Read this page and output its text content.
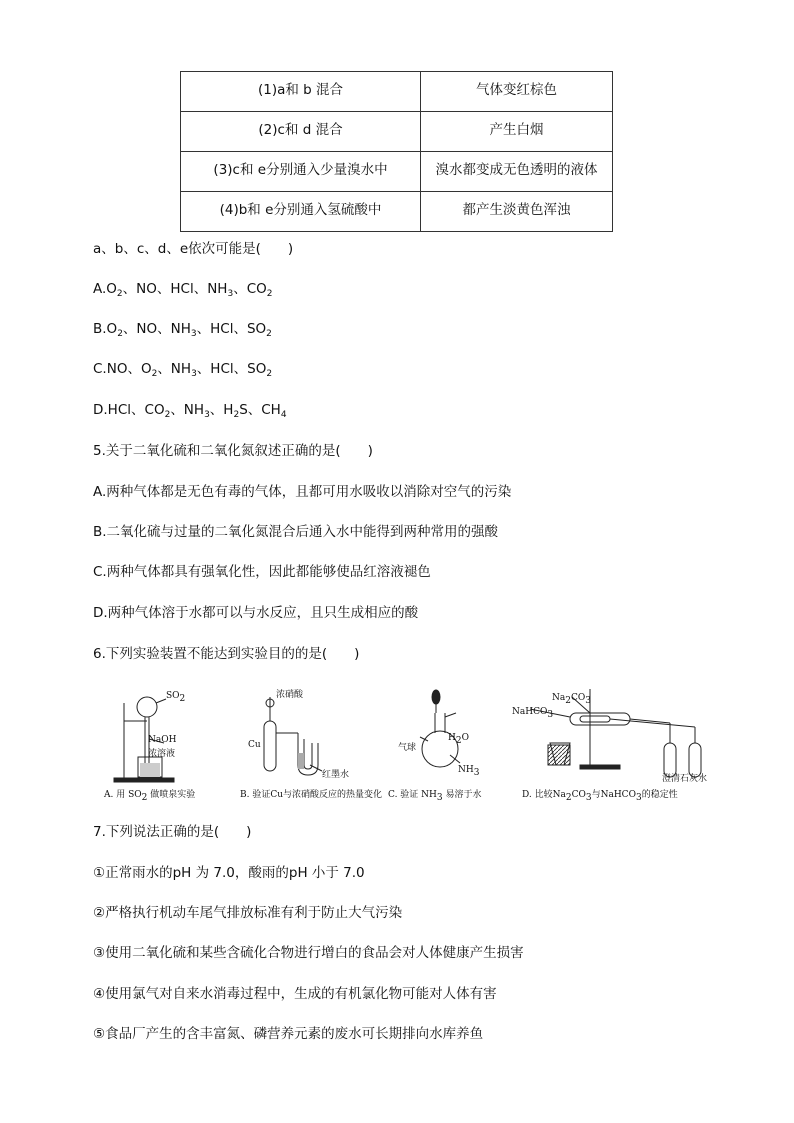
(1)a和 b 混合	气体变红棕色
(2)c和 d 混合	产生白烟
(3)c和 e分别通入少量溴水中	溴水都变成无色透明的液体
(4)b和 e分别通入氢硫酸中	都产生淡黄色浑浊
a、b、c、d、e依次可能是(　　)
$A.O_2$、NO、HCl、$NH_3$、$CO_2$
$B.O_2$、NO、$NH_3$、HCl、$SO_2$
C.NO、$O_2$、$NH_3$、HCl、$SO_2$
D.HCl、$CO_2$、$NH_3$、$H_2S$、$CH_4$
5.关于二氧化硫和二氧化氮叙述正确的是(　　)
A.两种气体都是无色有毒的气体，且都可用水吸收以消除对空气的污染
B.二氧化硫与过量的二氧化氮混合后通入水中能得到两种常用的强酸
C.两种气体都具有强氧化性，因此都能够使品红溶液褪色
D.两种气体溶于水都可以与水反应，且只生成相应的酸
6.下列实验装置不能达到实验目的的是(　　)
$SO_2$
NaOH
浓溶液
A. 用 $SO_2$ 做喷泉实验
浓硝酸
Cu
红墨水
B. 验证Cu与浓硝酸反应的热量变化
气球
$H_2O$
$NH_3$
C. 验证 $NH_3$ 易溶于水
$Na_2CO_3$
NaHCO$_3$
澄清石灰水
D. 比较$Na_2CO_3$与NaHCO$_3$的稳定性
7.下列说法正确的是(　　)
①正常雨水的pH 为 7.0，酸雨的pH 小于 7.0
②严格执行机动车尾气排放标准有利于防止大气污染
③使用二氧化硫和某些含硫化合物进行增白的食品会对人体健康产生损害
④使用氯气对自来水消毒过程中，生成的有机氯化物可能对人体有害
⑤食品厂产生的含丰富氮、磷营养元素的废水可长期排向水库养鱼
